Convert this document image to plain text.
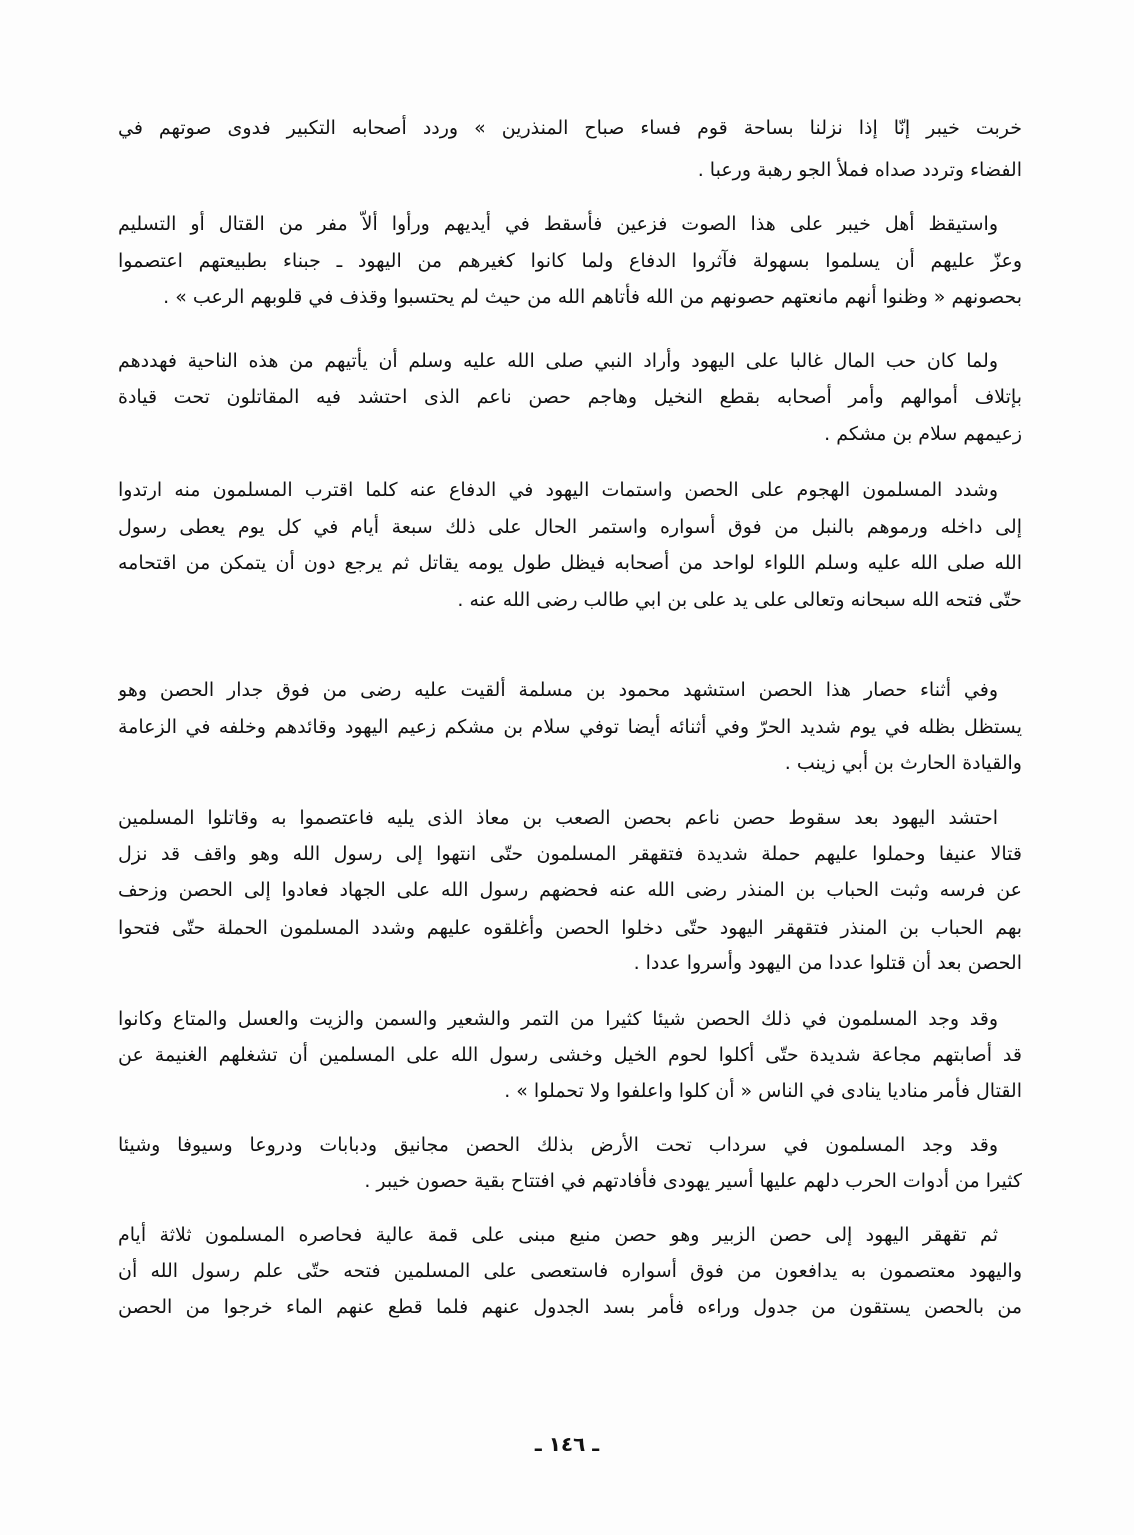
خربت خيبر إنّا إذا نزلنا بساحة قوم فساء صباح المنذرين » وردد أصحابه التكبير فدوى صوتهم في
الفضاء وتردد صداه فملأ الجو رهبة ورعبا .
واستيقظ أهل خيبر على هذا الصوت فزعين فأسقط في أيديهم ورأوا ألاّ مفر من القتال أو التسليم
وعزّ عليهم أن يسلموا بسهولة فآثروا الدفاع ولما كانوا كغيرهم من اليهود ـ جبناء بطبيعتهم اعتصموا
بحصونهم « وظنوا أنهم مانعتهم حصونهم من الله فأتاهم الله من حيث لم يحتسبوا وقذف في قلوبهم الرعب » .
ولما كان حب المال غالبا على اليهود وأراد النبي صلى الله عليه وسلم أن يأتيهم من هذه الناحية فهددهم
بإتلاف أموالهم وأمر أصحابه بقطع النخيل وهاجم حصن ناعم الذى احتشد فيه المقاتلون تحت قيادة
زعيمهم سلام بن مشكم .
وشدد المسلمون الهجوم على الحصن واستمات اليهود في الدفاع عنه كلما اقترب المسلمون منه ارتدوا
إلى داخله ورموهم بالنبل من فوق أسواره واستمر الحال على ذلك سبعة أيام في كل يوم يعطى رسول
الله صلى الله عليه وسلم اللواء لواحد من أصحابه فيظل طول يومه يقاتل ثم يرجع دون أن يتمكن من اقتحامه
حتّى فتحه الله سبحانه وتعالى على يد على بن ابي طالب رضى الله عنه .
وفي أثناء حصار هذا الحصن استشهد محمود بن مسلمة ألقيت عليه رضى من فوق جدار الحصن وهو
يستظل بظله في يوم شديد الحرّ وفي أثنائه أيضا توفي سلام بن مشكم زعيم اليهود وقائدهم وخلفه في الزعامة
والقيادة الحارث بن أبي زينب .
احتشد اليهود بعد سقوط حصن ناعم بحصن الصعب بن معاذ الذى يليه فاعتصموا به وقاتلوا المسلمين
قتالا عنيفا وحملوا عليهم حملة شديدة فتقهقر المسلمون حتّى انتهوا إلى رسول الله وهو واقف قد نزل
عن فرسه وثبت الحباب بن المنذر رضى الله عنه فحضهم رسول الله على الجهاد فعادوا إلى الحصن وزحف
بهم الحباب بن المنذر فتقهقر اليهود حتّى دخلوا الحصن وأغلقوه عليهم وشدد المسلمون الحملة حتّى فتحوا
الحصن بعد أن قتلوا عددا من اليهود وأسروا عددا .
وقد وجد المسلمون في ذلك الحصن شيئا كثيرا من التمر والشعير والسمن والزيت والعسل والمتاع وكانوا
قد أصابتهم مجاعة شديدة حتّى أكلوا لحوم الخيل وخشى رسول الله على المسلمين أن تشغلهم الغنيمة عن
القتال فأمر مناديا ينادى في الناس « أن كلوا واعلفوا ولا تحملوا » .
وقد وجد المسلمون في سرداب تحت الأرض بذلك الحصن مجانيق ودبابات ودروعا وسيوفا وشيئا
كثيرا من أدوات الحرب دلهم عليها أسير يهودى فأفادتهم في افتتاح بقية حصون خيبر .
ثم تقهقر اليهود إلى حصن الزبير وهو حصن منيع مبنى على قمة عالية فحاصره المسلمون ثلاثة أيام
واليهود معتصمون به يدافعون من فوق أسواره فاستعصى على المسلمين فتحه حتّى علم رسول الله أن
من بالحصن يستقون من جدول وراءه فأمر بسد الجدول عنهم فلما قطع عنهم الماء خرجوا من الحصن
ـ ١٤٦ ـ
